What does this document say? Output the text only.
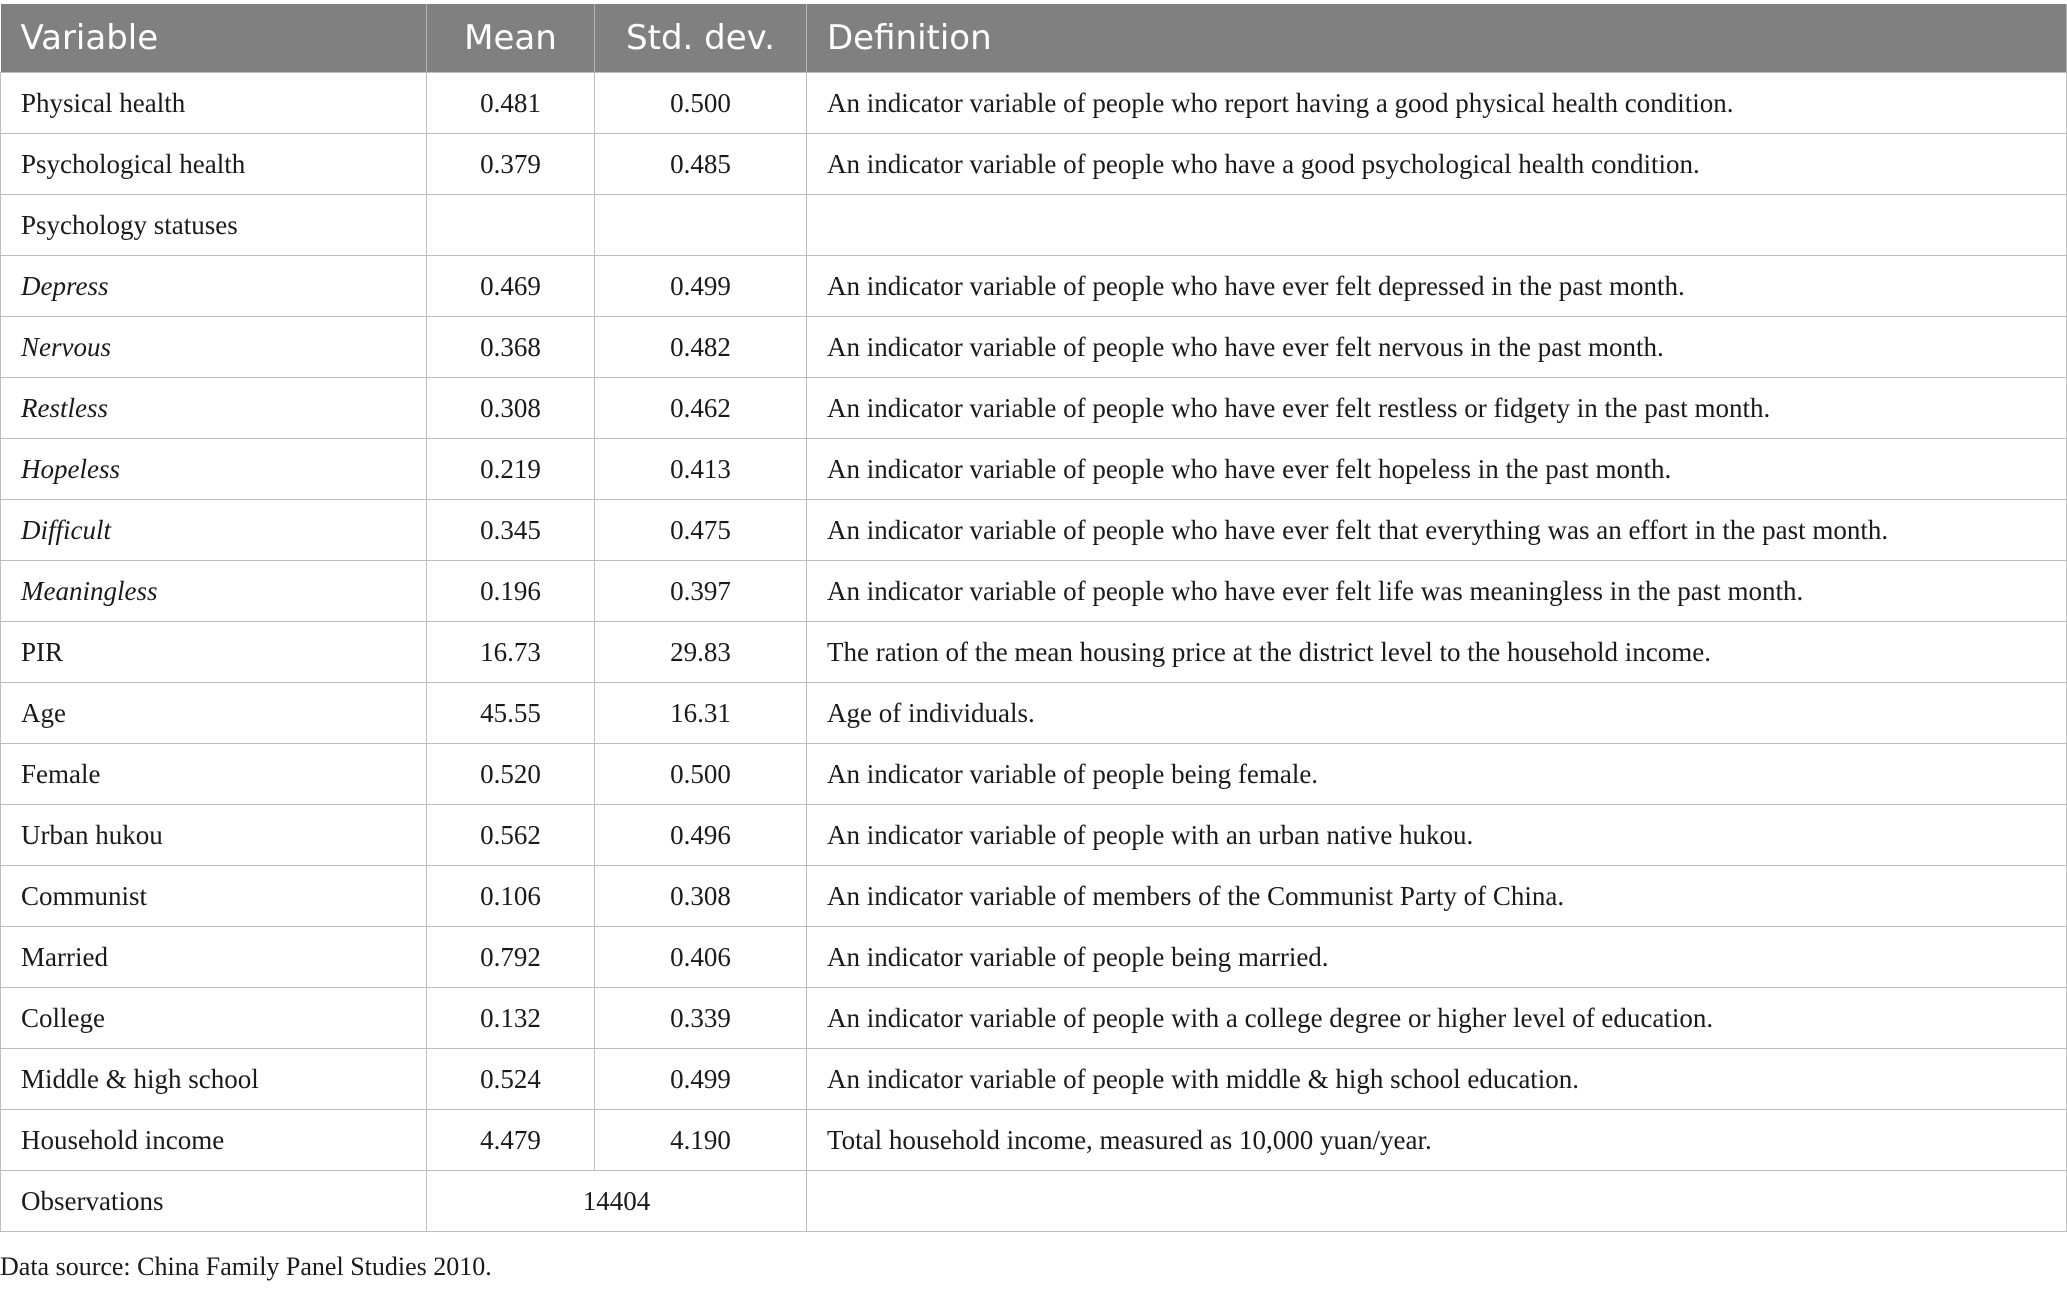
Variable	Mean	Std. dev.	Definition
Physical health	0.481	0.500	An indicator variable of people who report having a good physical health condition.
Psychological health	0.379	0.485	An indicator variable of people who have a good psychological health condition.
Psychology statuses			
Depress	0.469	0.499	An indicator variable of people who have ever felt depressed in the past month.
Nervous	0.368	0.482	An indicator variable of people who have ever felt nervous in the past month.
Restless	0.308	0.462	An indicator variable of people who have ever felt restless or fidgety in the past month.
Hopeless	0.219	0.413	An indicator variable of people who have ever felt hopeless in the past month.
Difficult	0.345	0.475	An indicator variable of people who have ever felt that everything was an effort in the past month.
Meaningless	0.196	0.397	An indicator variable of people who have ever felt life was meaningless in the past month.
PIR	16.73	29.83	The ration of the mean housing price at the district level to the household income.
Age	45.55	16.31	Age of individuals.
Female	0.520	0.500	An indicator variable of people being female.
Urban hukou	0.562	0.496	An indicator variable of people with an urban native hukou.
Communist	0.106	0.308	An indicator variable of members of the Communist Party of China.
Married	0.792	0.406	An indicator variable of people being married.
College	0.132	0.339	An indicator variable of people with a college degree or higher level of education.
Middle & high school	0.524	0.499	An indicator variable of people with middle & high school education.
Household income	4.479	4.190	Total household income, measured as 10,000 yuan/year.
Observations	14404		
Data source: China Family Panel Studies 2010.
